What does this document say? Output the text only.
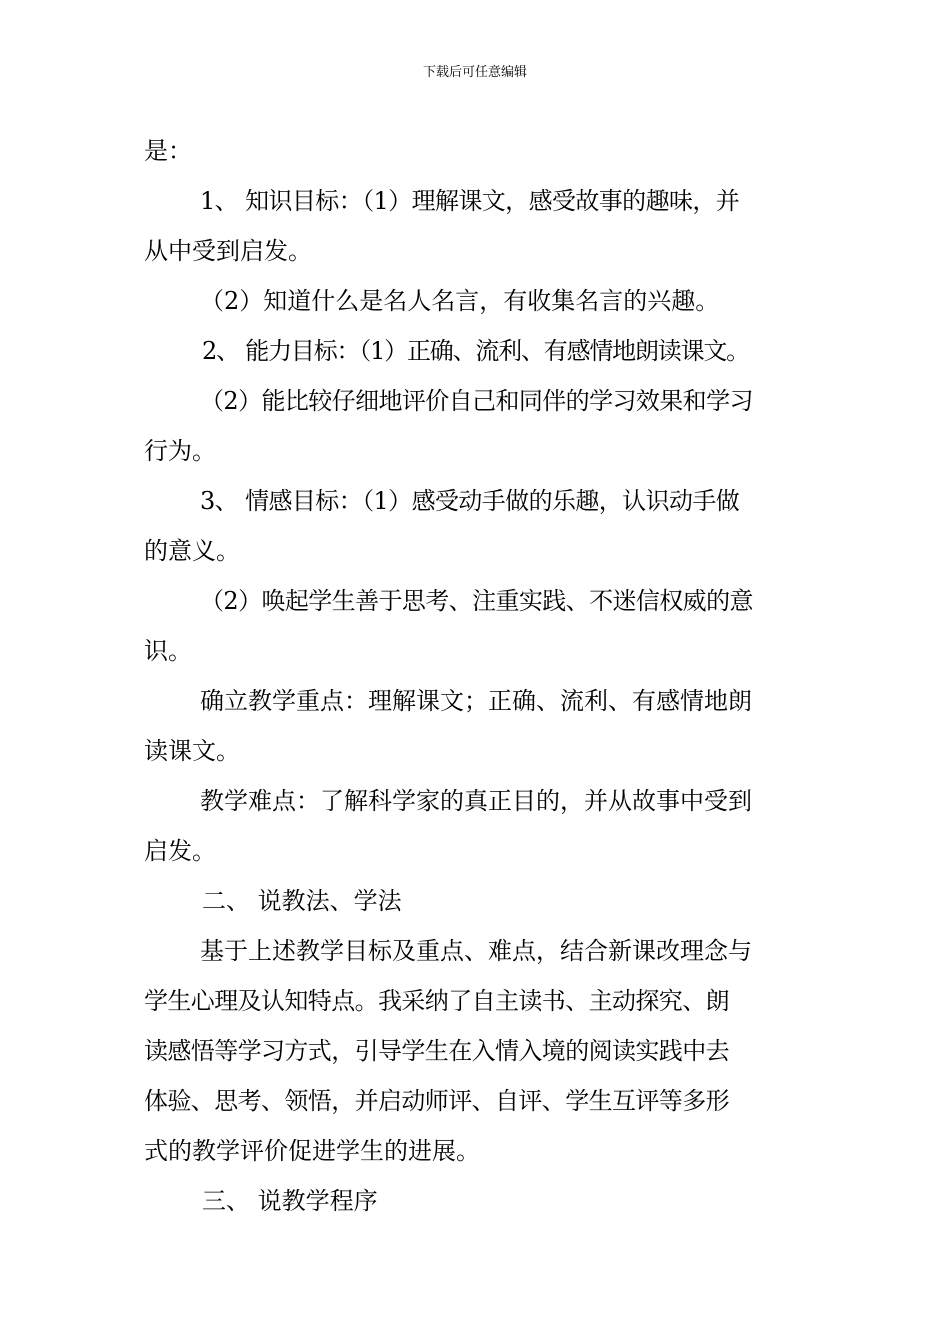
下载后可任意编辑
是：
1、 知识目标：（1）理解课文，感受故事的趣味，并
从中受到启发。
（2）知道什么是名人名言，有收集名言的兴趣。
2、 能力目标：（1）正确、流利、有感情地朗读课文。
（2）能比较仔细地评价自己和同伴的学习效果和学习
行为。
3、 情感目标：（1）感受动手做的乐趣，认识动手做
的意义。
（2）唤起学生善于思考、注重实践、不迷信权威的意
识。
确立教学重点：理解课文；正确、流利、有感情地朗
读课文。
教学难点：了解科学家的真正目的，并从故事中受到
启发。
二、 说教法、学法
基于上述教学目标及重点、难点，结合新课改理念与
学生心理及认知特点。我采纳了自主读书、主动探究、朗
读感悟等学习方式，引导学生在入情入境的阅读实践中去
体验、思考、领悟，并启动师评、自评、学生互评等多形
式的教学评价促进学生的进展。
三、 说教学程序
